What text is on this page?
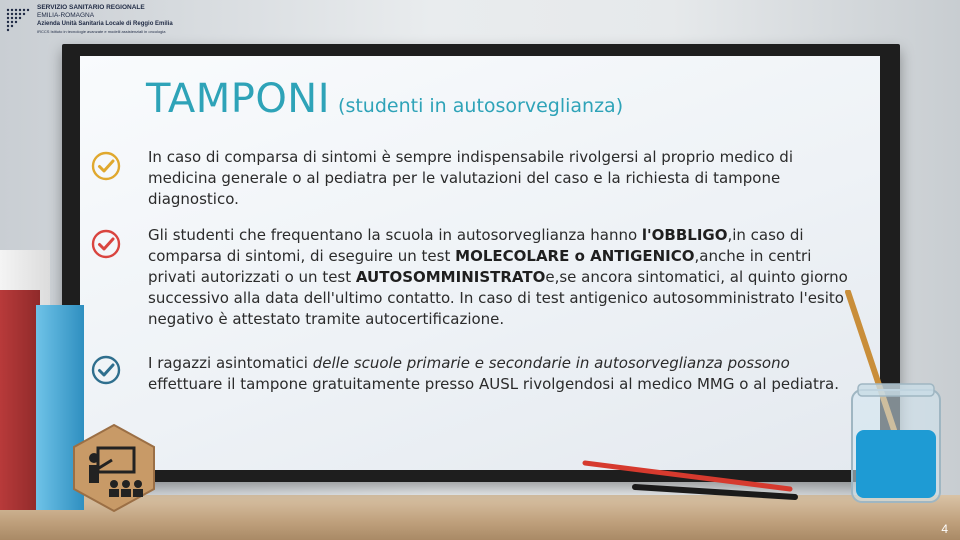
SERVIZIO SANITARIO REGIONALE
EMILIA-ROMAGNA
Azienda Unità Sanitaria Locale di Reggio Emilia
IRCCS Istituto in tecnologie avanzate e modelli assistenziali in oncologia
TAMPONI (studenti in autosorveglianza)
In caso di comparsa di sintomi è sempre indispensabile rivolgersi al proprio medico di medicina generale o al pediatra per le valutazioni del caso e la richiesta di tampone diagnostico.
Gli studenti che frequentano la scuola in autosorveglianza hanno l'OBBLIGO,in caso di comparsa di sintomi, di eseguire un test MOLECOLARE o ANTIGENICO,anche in centri privati autorizzati o un test AUTOSOMMINISTRATOe,se ancora sintomatici, al quinto giorno successivo alla data dell'ultimo contatto. In caso di test antigenico autosomministrato l'esito negativo è attestato tramite autocertificazione.
I ragazzi asintomatici delle scuole primarie e secondarie in autosorveglianza possono effettuare il tampone gratuitamente presso AUSL rivolgendosi al medico MMG o al pediatra.
4
